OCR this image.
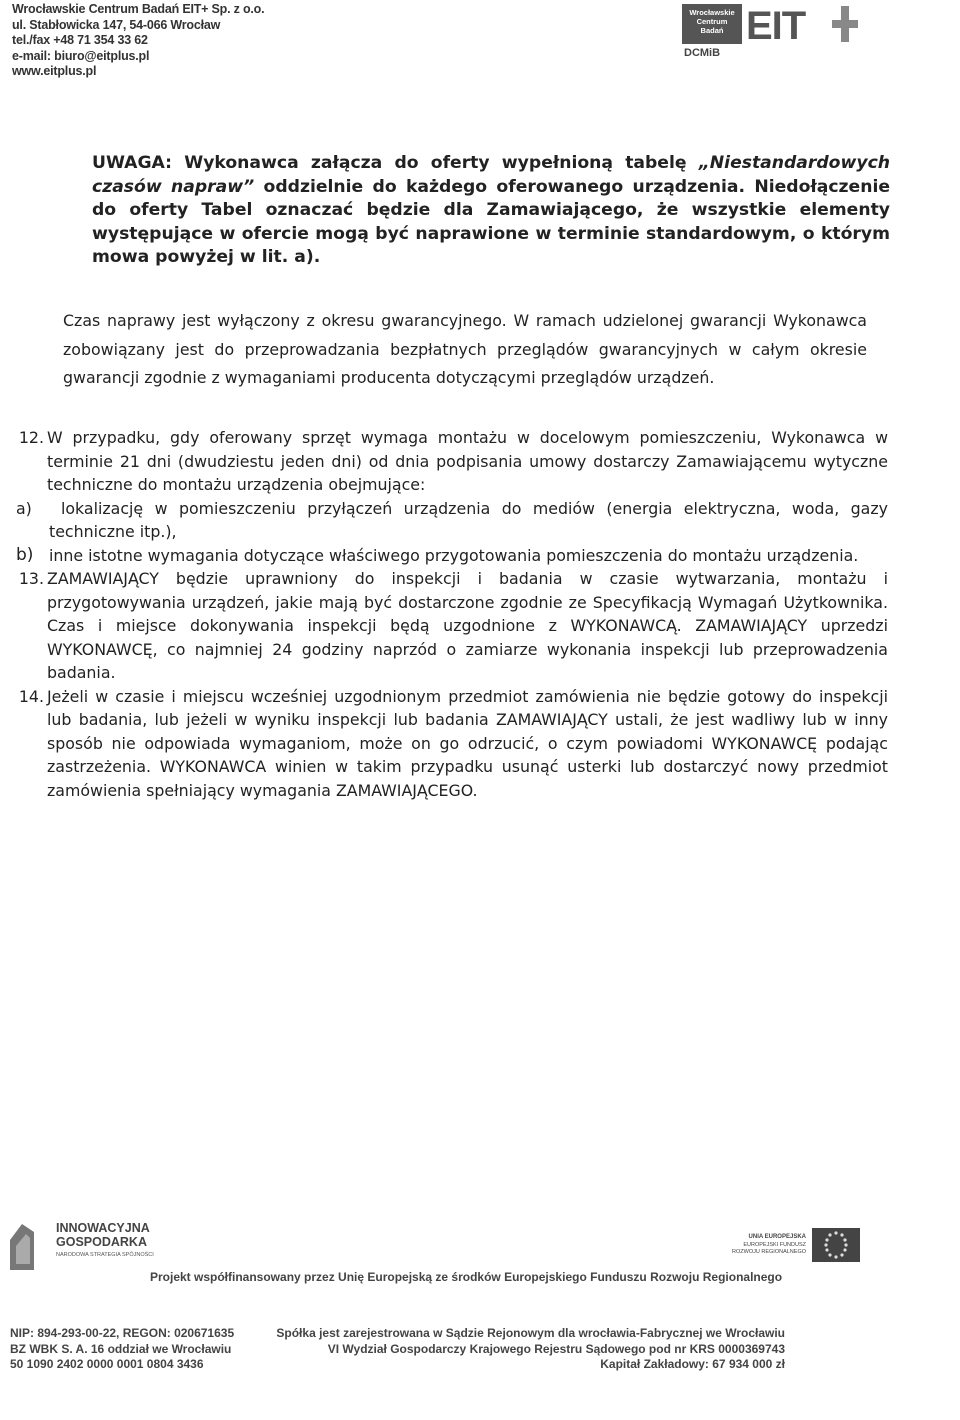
Wrocławskie Centrum Badań EIT+ Sp. z o.o.
ul. Stabłowicka 147, 54-066 Wrocław
tel./fax +48 71 354 33 62
e-mail: biuro@eitplus.pl
www.eitplus.pl
Wrocławskie
Centrum
Badań EIT
DCMiB

UWAGA: Wykonawca załącza do oferty wypełnioną tabelę „Niestandardowych czasów napraw” oddzielnie do każdego oferowanego urządzenia. Niedołączenie do oferty Tabel oznaczać będzie dla Zamawiającego, że wszystkie elementy występujące w ofercie mogą być naprawione w terminie standardowym, o którym mowa powyżej w lit. a).

Czas naprawy jest wyłączony z okresu gwarancyjnego. W ramach udzielonej gwarancji Wykonawca zobowiązany jest do przeprowadzania bezpłatnych przeglądów gwarancyjnych w całym okresie gwarancji zgodnie z wymaganiami producenta dotyczącymi przeglądów urządzeń.

12. W przypadku, gdy oferowany sprzęt wymaga montażu w docelowym pomieszczeniu, Wykonawca w terminie 21 dni (dwudziestu jeden dni) od dnia podpisania umowy dostarczy Zamawiającemu wytyczne techniczne do montażu urządzenia obejmujące:
a)	lokalizację w pomieszczeniu przyłączeń urządzenia do mediów (energia elektryczna, woda, gazy techniczne itp.),
b) inne istotne wymagania dotyczące właściwego przygotowania pomieszczenia do montażu urządzenia.
13. ZAMAWIAJĄCY będzie uprawniony do inspekcji i badania w czasie wytwarzania, montażu i przygotowywania urządzeń, jakie mają być dostarczone zgodnie ze Specyfikacją Wymagań Użytkownika. Czas i miejsce dokonywania inspekcji będą uzgodnione z WYKONAWCĄ. ZAMAWIAJĄCY uprzedzi WYKONAWCĘ, co najmniej 24 godziny naprzód o zamiarze wykonania inspekcji lub przeprowadzenia badania.
14. Jeżeli w czasie i miejscu wcześniej uzgodnionym przedmiot zamówienia nie będzie gotowy do inspekcji lub badania, lub jeżeli w wyniku inspekcji lub badania ZAMAWIAJĄCY ustali, że jest wadliwy lub w inny sposób nie odpowiada wymaganiom, może on go odrzucić, o czym powiadomi WYKONAWCĘ podając zastrzeżenia. WYKONAWCA winien w takim przypadku usunąć usterki lub dostarczyć nowy przedmiot zamówienia spełniający wymagania ZAMAWIAJĄCEGO.
INNOWACYJNA
GOSPODARKA
NARODOWA STRATEGIA SPÓJNOŚCI
UNIA EUROPEJSKA
EUROPEJSKI FUNDUSZ
ROZWOJU REGIONALNEGO
Projekt współfinansowany przez Unię Europejską ze środków Europejskiego Funduszu Rozwoju Regionalnego
NIP: 894-293-00-22, REGON: 020671635
BZ WBK S. A. 16 oddział we Wrocławiu
50 1090 2402 0000 0001 0804 3436
Spółka jest zarejestrowana w Sądzie Rejonowym dla wrocławia-Fabrycznej we Wrocławiu
VI Wydział Gospodarczy Krajowego Rejestru Sądowego pod nr KRS 0000369743
Kapitał Zakładowy: 67 934 000 zł
